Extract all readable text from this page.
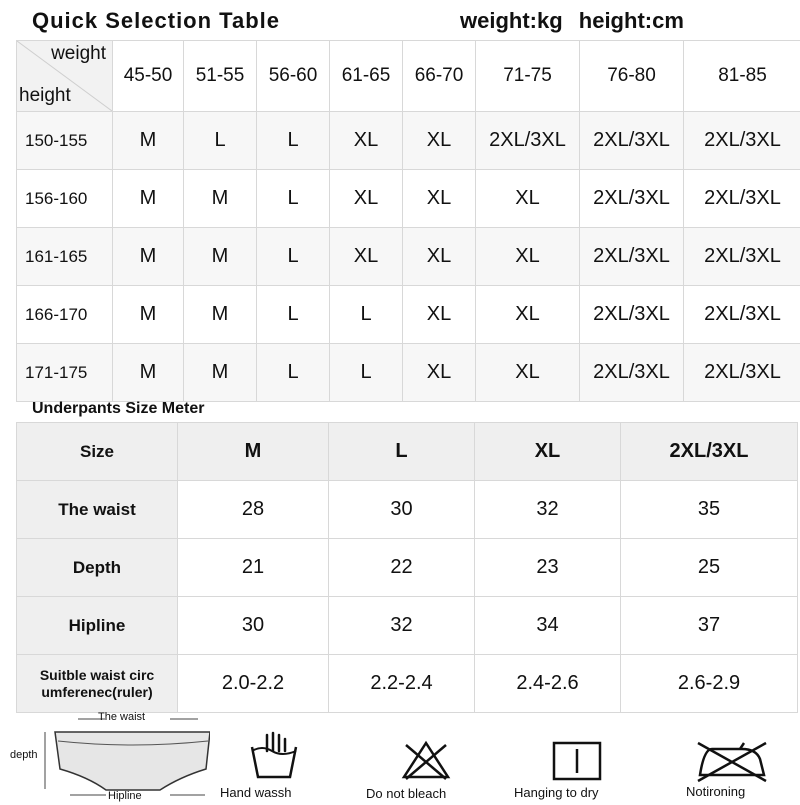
Quick Selection Table	weight:kg height:cm
weight
height	45-50	51-55	56-60	61-65	66-70	71-75	76-80	81-85
150-155	M	L	L	XL	XL	2XL/3XL	2XL/3XL	2XL/3XL
156-160	M	M	L	XL	XL	XL	2XL/3XL	2XL/3XL
161-165	M	M	L	XL	XL	XL	2XL/3XL	2XL/3XL
166-170	M	M	L	L	XL	XL	2XL/3XL	2XL/3XL
171-175	M	M	L	L	XL	XL	2XL/3XL	2XL/3XL
Underpants Size Meter
Size	M	L	XL	2XL/3XL
The waist	28	30	32	35
Depth	21	22	23	25
Hipline	30	32	34	37
Suitble waist circ
umferenec(ruler)	2.0-2.2	2.2-2.4	2.4-2.6	2.6-2.9
The waist
depth
Hipline	Hand wassh	Do not bleach	Hanging to dry	Notironing
